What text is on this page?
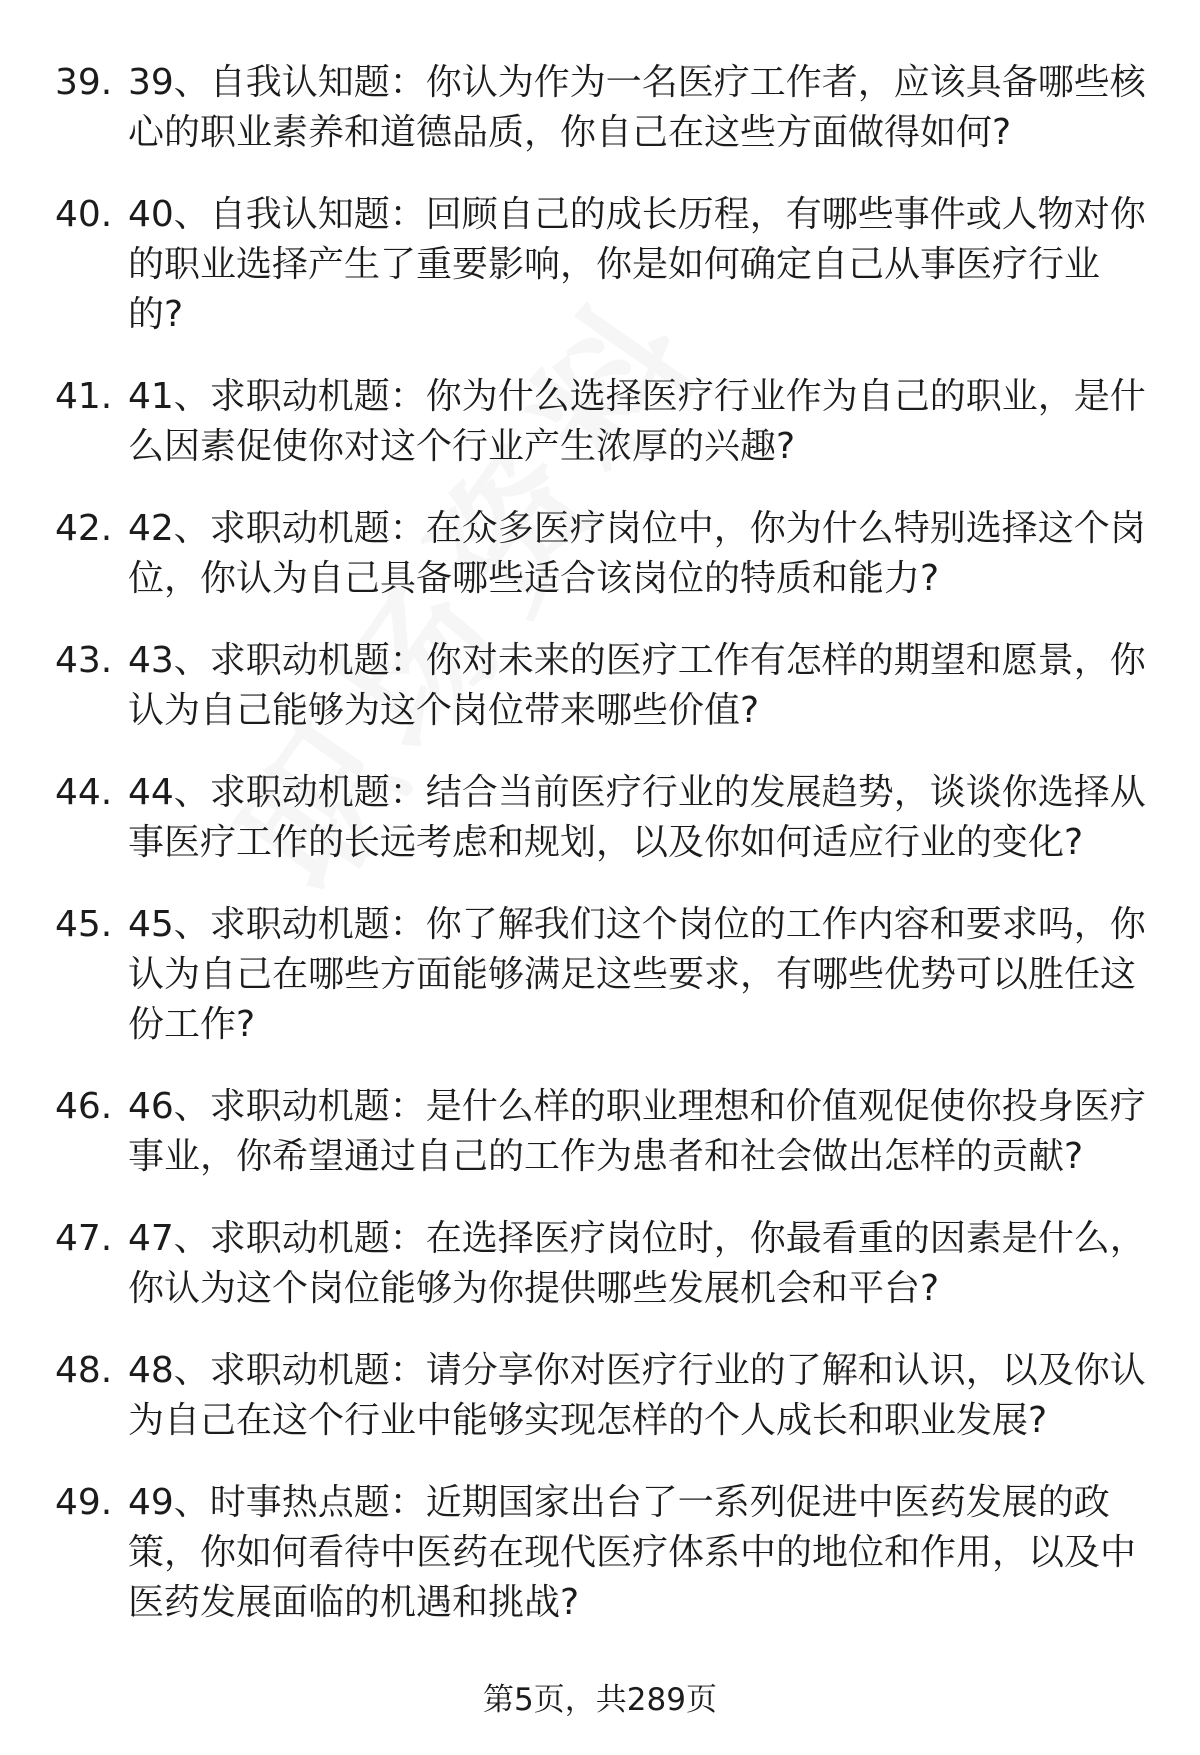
39. 39、自我认知题：你认为作为一名医疗工作者，应该具备哪些核心的职业素养和道德品质，你自己在这些方面做得如何?
40. 40、自我认知题：回顾自己的成长历程，有哪些事件或人物对你的职业选择产生了重要影响，你是如何确定自己从事医疗行业的?
41. 41、求职动机题：你为什么选择医疗行业作为自己的职业，是什么因素促使你对这个行业产生浓厚的兴趣?
42. 42、求职动机题：在众多医疗岗位中，你为什么特别选择这个岗位，你认为自己具备哪些适合该岗位的特质和能力?
43. 43、求职动机题：你对未来的医疗工作有怎样的期望和愿景，你认为自己能够为这个岗位带来哪些价值?
44. 44、求职动机题：结合当前医疗行业的发展趋势，谈谈你选择从事医疗工作的长远考虑和规划，以及你如何适应行业的变化?
45. 45、求职动机题：你了解我们这个岗位的工作内容和要求吗，你认为自己在哪些方面能够满足这些要求，有哪些优势可以胜任这份工作?
46. 46、求职动机题：是什么样的职业理想和价值观促使你投身医疗事业，你希望通过自己的工作为患者和社会做出怎样的贡献?
47. 47、求职动机题：在选择医疗岗位时，你最看重的因素是什么，你认为这个岗位能够为你提供哪些发展机会和平台?
48. 48、求职动机题：请分享你对医疗行业的了解和认识，以及你认为自己在这个行业中能够实现怎样的个人成长和职业发展?
49. 49、时事热点题：近期国家出台了一系列促进中医药发展的政策，你如何看待中医药在现代医疗体系中的地位和作用，以及中医药发展面临的机遇和挑战?
第5页，共289页
